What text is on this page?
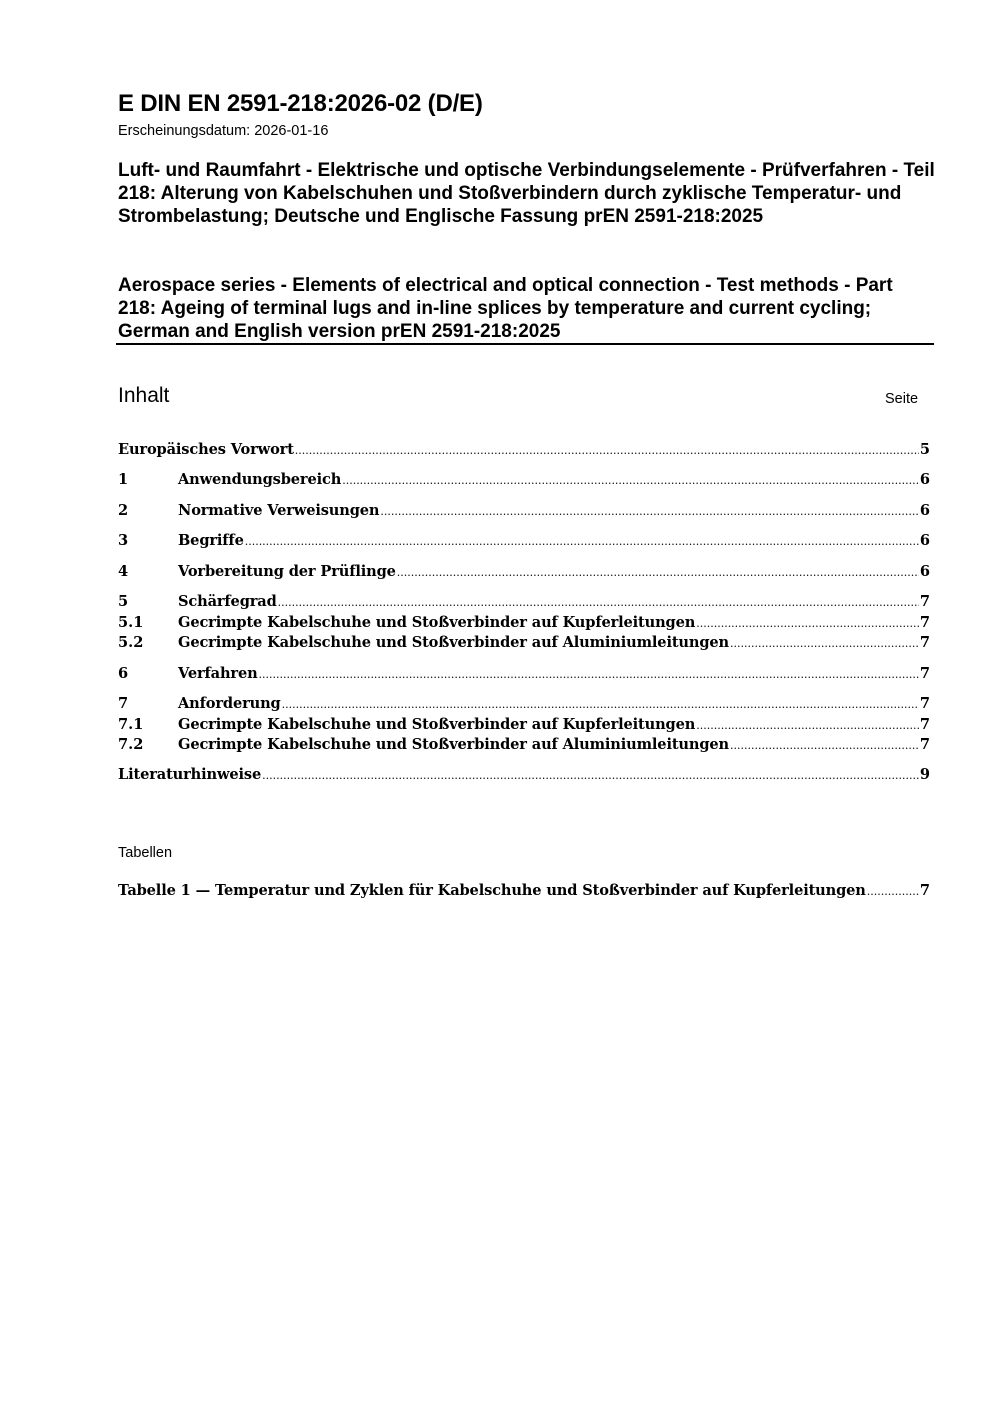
E DIN EN 2591-218:2026-02 (D/E)
Erscheinungsdatum: 2026-01-16
Luft- und Raumfahrt - Elektrische und optische Verbindungselemente - Prüfverfahren - Teil 218: Alterung von Kabelschuhen und Stoßverbindern durch zyklische Temperatur- und Strombelastung; Deutsche und Englische Fassung prEN 2591-218:2025
Aerospace series - Elements of electrical and optical connection - Test methods - Part 218: Ageing of terminal lugs and in-line splices by temperature and current cycling; German and English version prEN 2591-218:2025
Inhalt	Seite
Europäisches Vorwort .....	5
1	Anwendungsbereich .....	6
2	Normative Verweisungen .....	6
3	Begriffe .....	6
4	Vorbereitung der Prüflinge .....	6
5	Schärfegrad .....	7
5.1	Gecrimpte Kabelschuhe und Stoßverbinder auf Kupferleitungen .....	7
5.2	Gecrimpte Kabelschuhe und Stoßverbinder auf Aluminiumleitungen .....	7
6	Verfahren .....	7
7	Anforderung .....	7
7.1	Gecrimpte Kabelschuhe und Stoßverbinder auf Kupferleitungen .....	7
7.2	Gecrimpte Kabelschuhe und Stoßverbinder auf Aluminiumleitungen .....	7
Literaturhinweise .....	9
Tabellen
Tabelle 1 — Temperatur und Zyklen für Kabelschuhe und Stoßverbinder auf Kupferleitungen .....	7
